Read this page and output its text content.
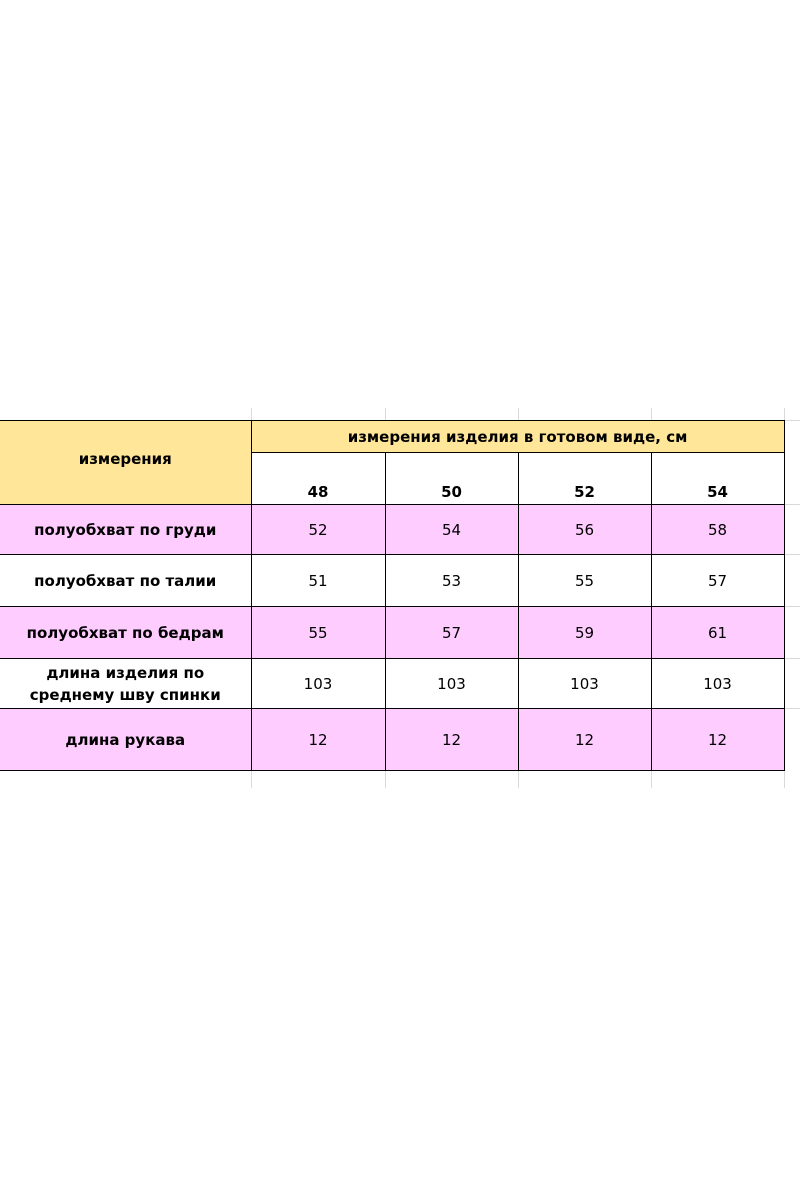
измерения	измерения изделия в готовом виде, см			
	48	50	52	54
полуобхват по груди	52	54	56	58
полуобхват по талии	51	53	55	57
полуобхват по бедрам	55	57	59	61
длина изделия по
среднему шву спинки	103	103	103	103
длина рукава	12	12	12	12
